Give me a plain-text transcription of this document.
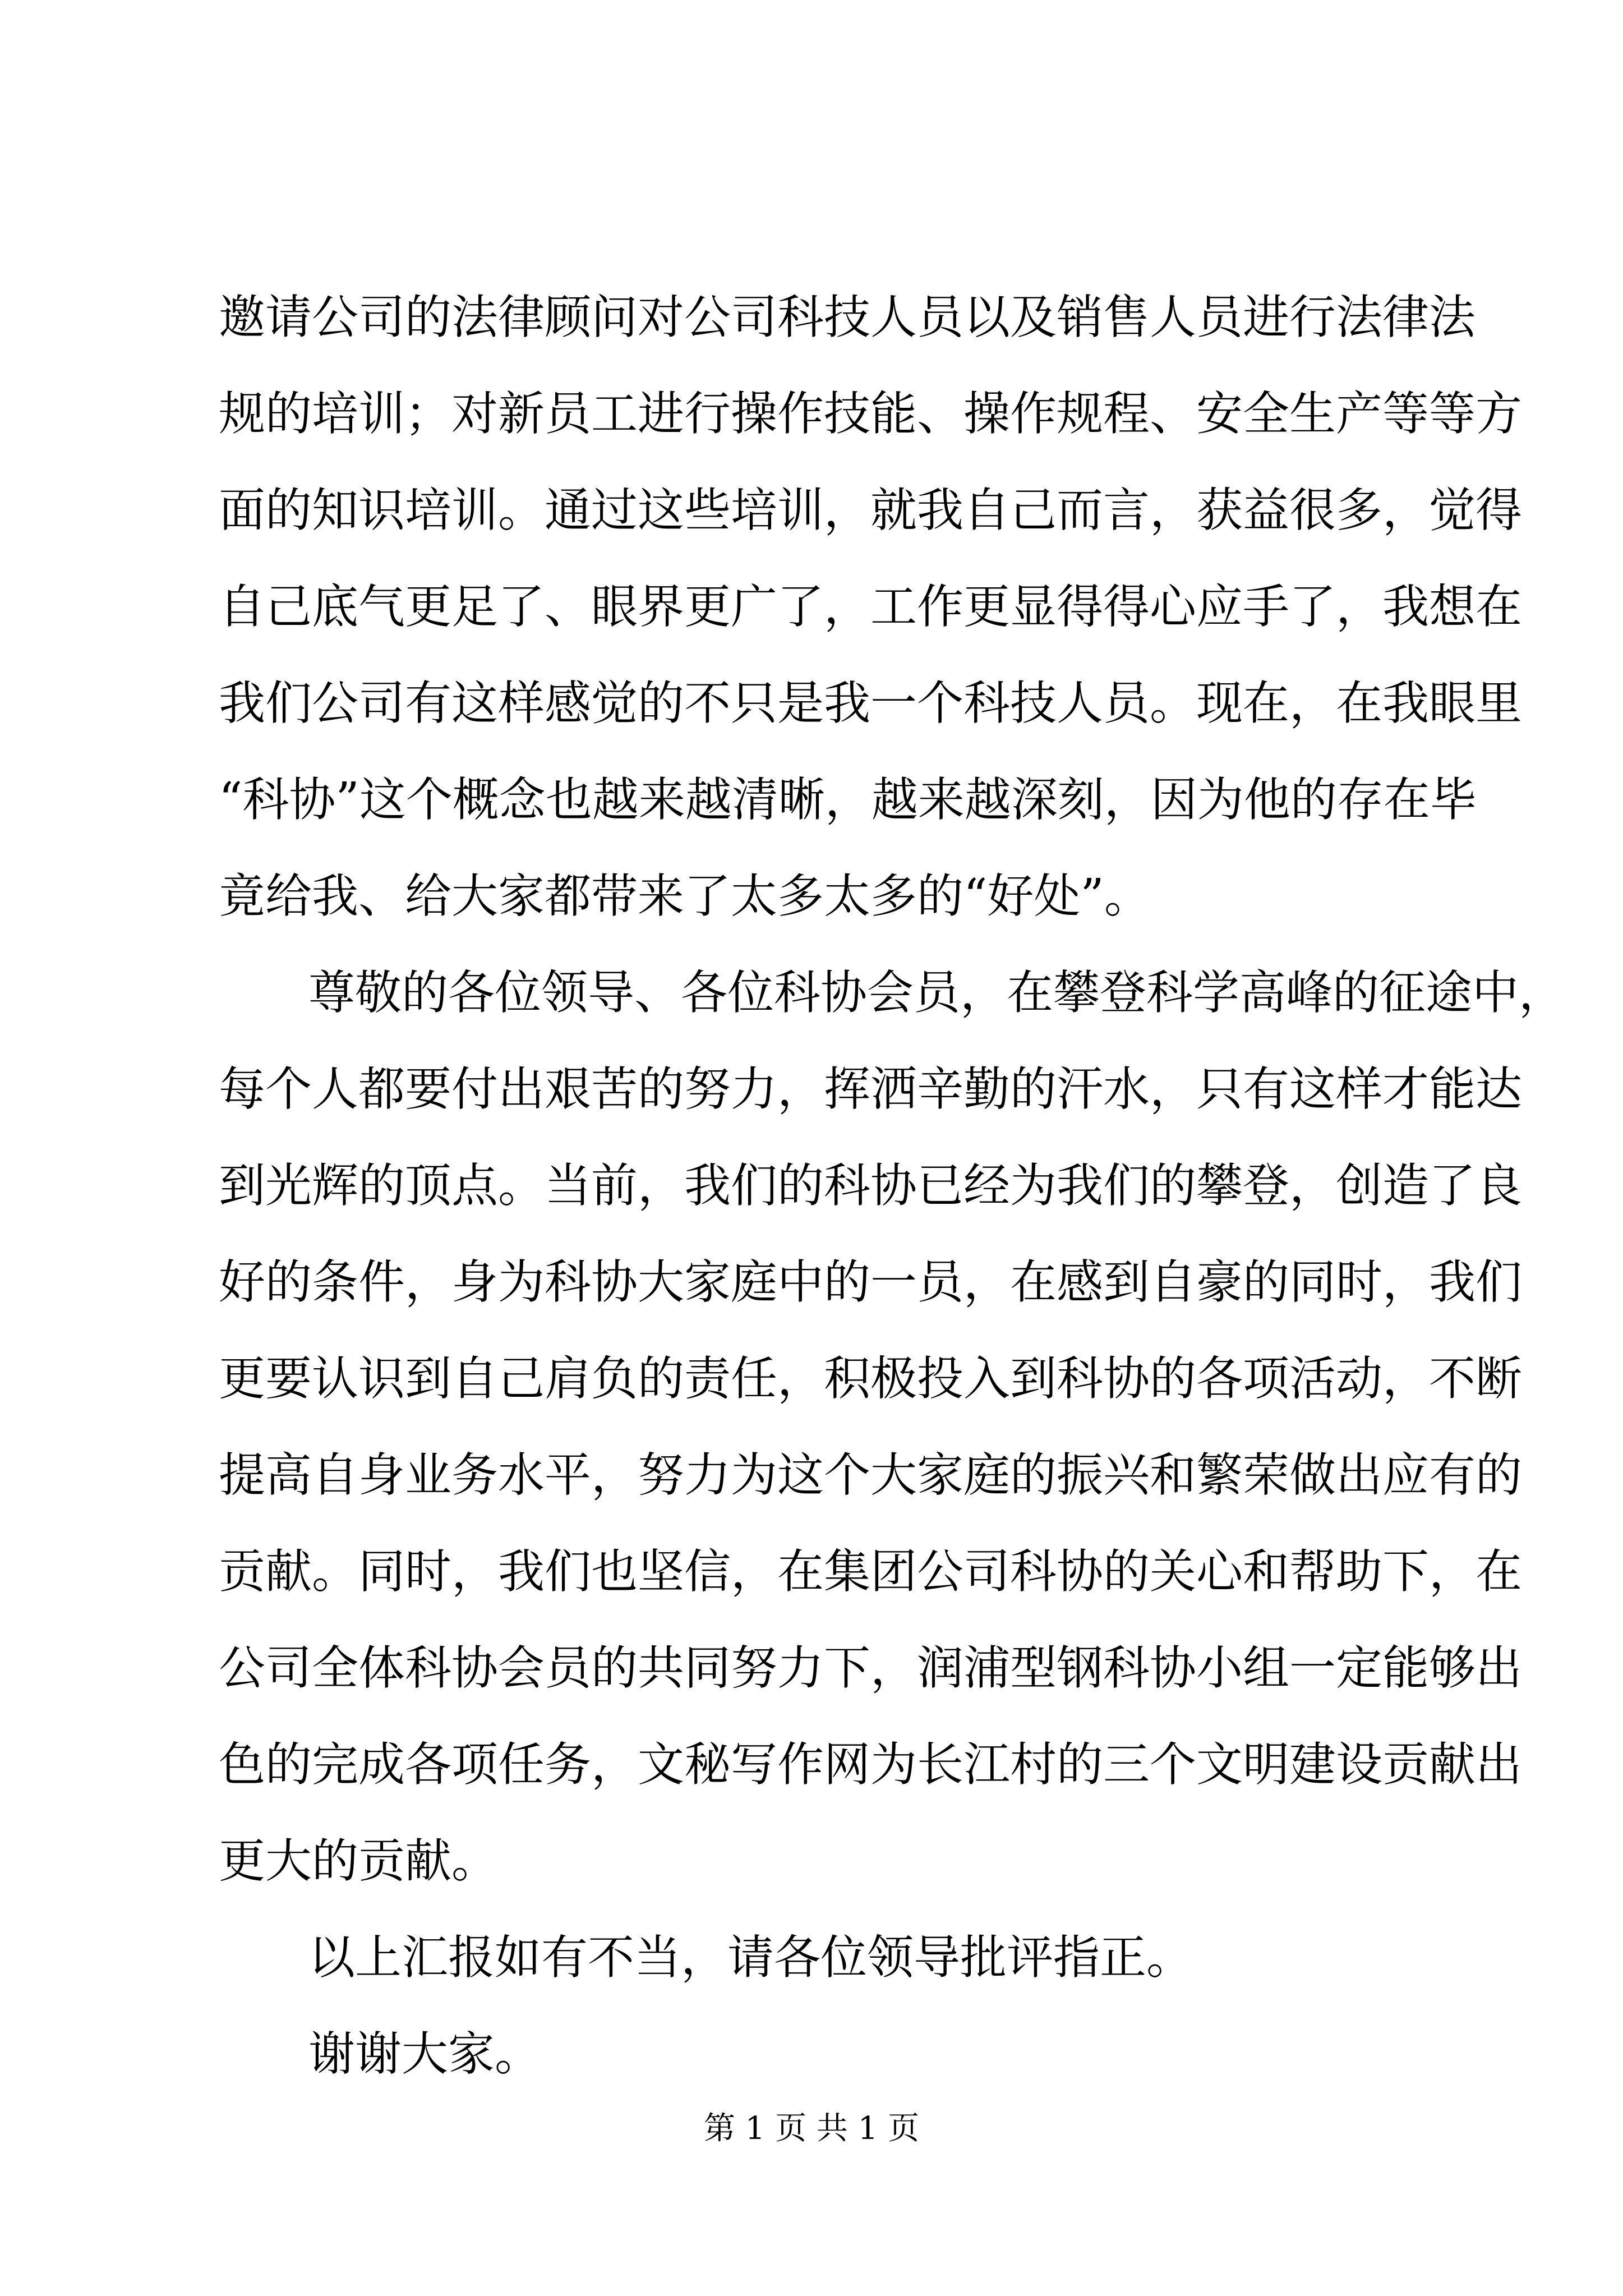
邀请公司的法律顾问对公司科技人员以及销售人员进行法律法
规的培训；对新员工进行操作技能、操作规程、安全生产等等方
面的知识培训。通过这些培训，就我自己而言，获益很多，觉得
自己底气更足了、眼界更广了，工作更显得得心应手了，我想在
我们公司有这样感觉的不只是我一个科技人员。现在，在我眼里
“科协”这个概念也越来越清晰，越来越深刻，因为他的存在毕
竟给我、给大家都带来了太多太多的“好处”。
尊敬的各位领导、各位科协会员，在攀登科学高峰的征途中，
每个人都要付出艰苦的努力，挥洒辛勤的汗水，只有这样才能达
到光辉的顶点。当前，我们的科协已经为我们的攀登，创造了良
好的条件，身为科协大家庭中的一员，在感到自豪的同时，我们
更要认识到自己肩负的责任，积极投入到科协的各项活动，不断
提高自身业务水平，努力为这个大家庭的振兴和繁荣做出应有的
贡献。同时，我们也坚信，在集团公司科协的关心和帮助下，在
公司全体科协会员的共同努力下，润浦型钢科协小组一定能够出
色的完成各项任务，文秘写作网为长江村的三个文明建设贡献出
更大的贡献。
以上汇报如有不当，请各位领导批评指正。
谢谢大家。
第 1 页 共 1 页
